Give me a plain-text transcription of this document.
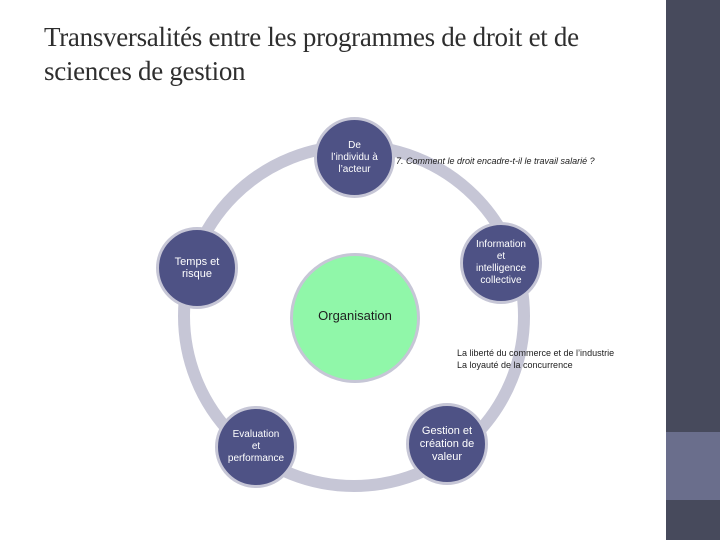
Transversalités entre les programmes de droit et de sciences de gestion
Organisation
De
l’individu à
l’acteur
Information
et
intelligence
collective
Gestion et
création de
valeur
Evaluation
et
performance
Temps et
risque
7. Comment le droit encadre-t-il le travail salarié ?
La liberté du commerce et de l’industrie
La loyauté de la concurrence
